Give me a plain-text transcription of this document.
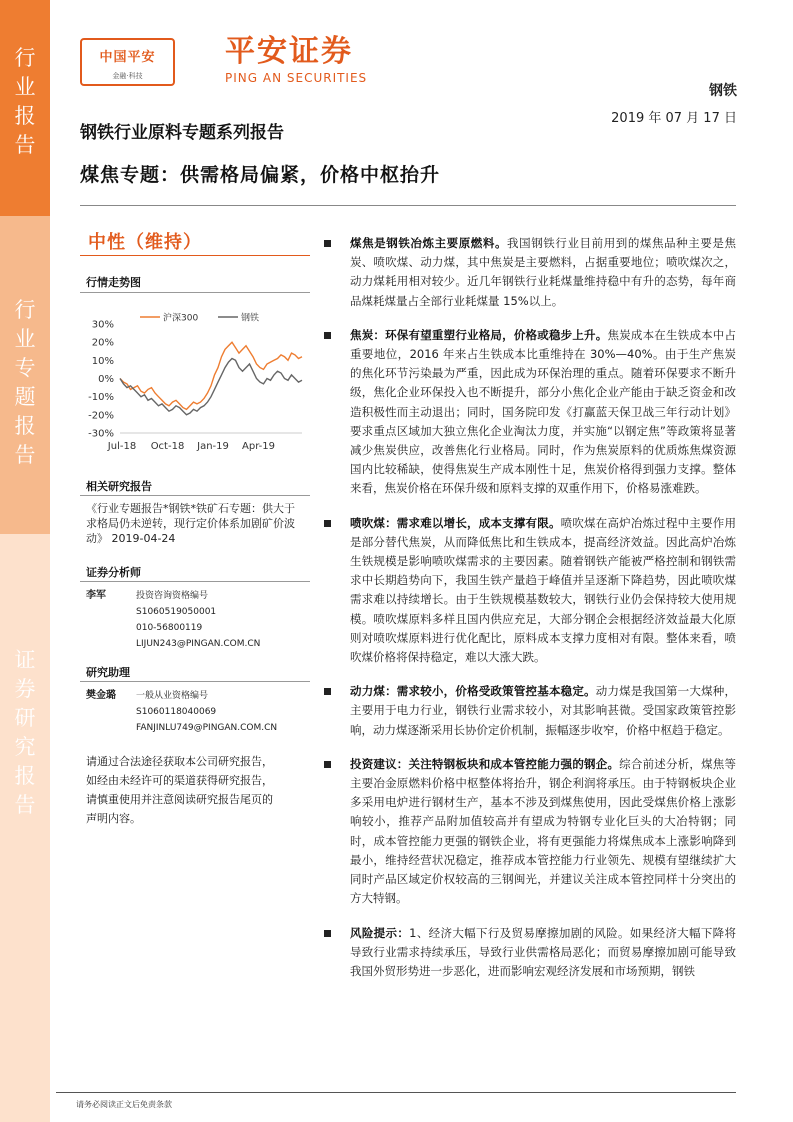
行业报告
行业专题报告
证券研究报告
中国平安
金融·科技
平安证券
PING AN SECURITIES
钢铁
2019 年 07 月 17 日
钢铁行业原料专题系列报告
煤焦专题：供需格局偏紧，价格中枢抬升
中性（维持）
行情走势图
30%
20%
10%
0%
-10%
-20%
-30%
Jul-18 Oct-18 Jan-19 Apr-19
沪深300	钢铁
相关研究报告
《行业专题报告*钢铁*铁矿石专题：供大于求格局仍未逆转，现行定价体系加剧矿价波动》 2019-04-24
证券分析师
李军	投资咨询资格编号
S1060519050001
010-56800119
LIJUN243@PINGAN.COM.CN
研究助理
樊金璐	一般从业资格编号
S1060118040069
FANJINLU749@PINGAN.COM.CN
请通过合法途径获取本公司研究报告，如经由未经许可的渠道获得研究报告，请慎重使用并注意阅读研究报告尾页的声明内容。
煤焦是钢铁冶炼主要原燃料。我国钢铁行业目前用到的煤焦品种主要是焦炭、喷吹煤、动力煤，其中焦炭是主要燃料，占据重要地位；喷吹煤次之，动力煤耗用相对较少。近几年钢铁行业耗煤量维持稳中有升的态势，每年商品煤耗煤量占全部行业耗煤量 15%以上。
焦炭：环保有望重塑行业格局，价格或稳步上升。焦炭成本在生铁成本中占重要地位，2016 年来占生铁成本比重维持在 30%—40%。由于生产焦炭的焦化环节污染最为严重，因此成为环保治理的重点。随着环保要求不断升级，焦化企业环保投入也不断提升，部分小焦化企业产能由于缺乏资金和改造积极性而主动退出；同时，国务院印发《打赢蓝天保卫战三年行动计划》要求重点区域加大独立焦化企业淘汰力度，并实施“以钢定焦”等政策将显著减少焦炭供应，改善焦化行业格局。同时，作为焦炭原料的优质炼焦煤资源国内比较稀缺，使得焦炭生产成本刚性十足，焦炭价格得到强力支撑。整体来看，焦炭价格在环保升级和原料支撑的双重作用下，价格易涨难跌。
喷吹煤：需求难以增长，成本支撑有限。喷吹煤在高炉冶炼过程中主要作用是部分替代焦炭，从而降低焦比和生铁成本，提高经济效益。因此高炉冶炼生铁规模是影响喷吹煤需求的主要因素。随着钢铁产能被严格控制和钢铁需求中长期趋势向下，我国生铁产量趋于峰值并呈逐渐下降趋势，因此喷吹煤需求难以持续增长。由于生铁规模基数较大，钢铁行业仍会保持较大使用规模。喷吹煤原料多样且国内供应充足，大部分钢企会根据经济效益最大化原则对喷吹煤原料进行优化配比，原料成本支撑力度相对有限。整体来看，喷吹煤价格将保持稳定，难以大涨大跌。
动力煤：需求较小，价格受政策管控基本稳定。动力煤是我国第一大煤种，主要用于电力行业，钢铁行业需求较小，对其影响甚微。受国家政策管控影响，动力煤逐渐采用长协价定价机制，振幅逐步收窄，价格中枢趋于稳定。
投资建议：关注特钢板块和成本管控能力强的钢企。综合前述分析，煤焦等主要冶金原燃料价格中枢整体将抬升，钢企利润将承压。由于特钢板块企业多采用电炉进行钢材生产，基本不涉及到煤焦使用，因此受煤焦价格上涨影响较小，推荐产品附加值较高并有望成为特钢专业化巨头的大冶特钢；同时，成本管控能力更强的钢铁企业，将有更强能力将煤焦成本上涨影响降到最小，维持经营状况稳定，推荐成本管控能力行业领先、规模有望继续扩大同时产品区域定价权较高的三钢闽光，并建议关注成本管控同样十分突出的方大特钢。
风险提示：1、经济大幅下行及贸易摩擦加剧的风险。如果经济大幅下降将导致行业需求持续承压，导致行业供需格局恶化；而贸易摩擦加剧可能导致我国外贸形势进一步恶化，进而影响宏观经济发展和市场预期，钢铁
请务必阅读正文后免责条款
